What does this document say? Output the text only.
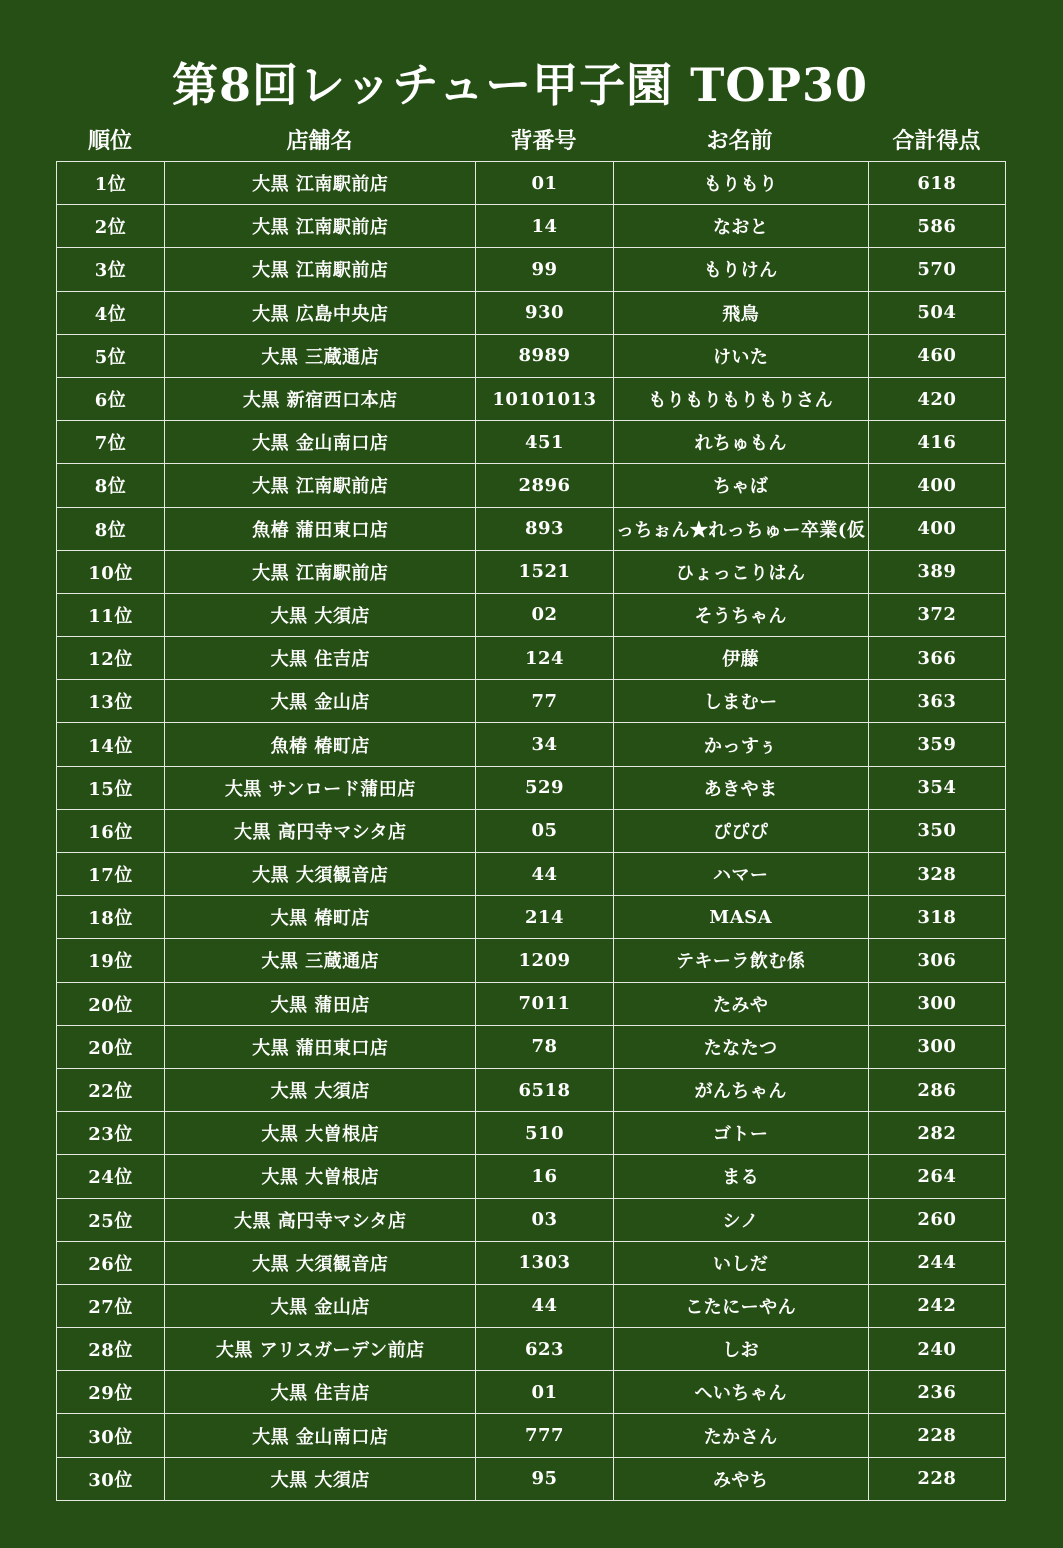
第8回レッチュー甲子園 TOP30
順位	店舗名	背番号	お名前	合計得点
1位	大黒 江南駅前店	01	もりもり	618
2位	大黒 江南駅前店	14	なおと	586
3位	大黒 江南駅前店	99	もりけん	570
4位	大黒 広島中央店	930	飛鳥	504
5位	大黒 三蔵通店	8989	けいた	460
6位	大黒 新宿西口本店	10101013	もりもりもりもりさん	420
7位	大黒 金山南口店	451	れちゅもん	416
8位	大黒 江南駅前店	2896	ちゃば	400
8位	魚椿 蒲田東口店	893	っちぉん★れっちゅー卒業(仮	400
10位	大黒 江南駅前店	1521	ひょっこりはん	389
11位	大黒 大須店	02	そうちゃん	372
12位	大黒 住吉店	124	伊藤	366
13位	大黒 金山店	77	しまむー	363
14位	魚椿 椿町店	34	かっすぅ	359
15位	大黒 サンロード蒲田店	529	あきやま	354
16位	大黒 高円寺マシタ店	05	ぴぴぴ	350
17位	大黒 大須観音店	44	ハマー	328
18位	大黒 椿町店	214	MASA	318
19位	大黒 三蔵通店	1209	テキーラ飲む係	306
20位	大黒 蒲田店	7011	たみや	300
20位	大黒 蒲田東口店	78	たなたつ	300
22位	大黒 大須店	6518	がんちゃん	286
23位	大黒 大曽根店	510	ゴトー	282
24位	大黒 大曽根店	16	まる	264
25位	大黒 高円寺マシタ店	03	シノ	260
26位	大黒 大須観音店	1303	いしだ	244
27位	大黒 金山店	44	こたにーやん	242
28位	大黒 アリスガーデン前店	623	しお	240
29位	大黒 住吉店	01	へいちゃん	236
30位	大黒 金山南口店	777	たかさん	228
30位	大黒 大須店	95	みやち	228
